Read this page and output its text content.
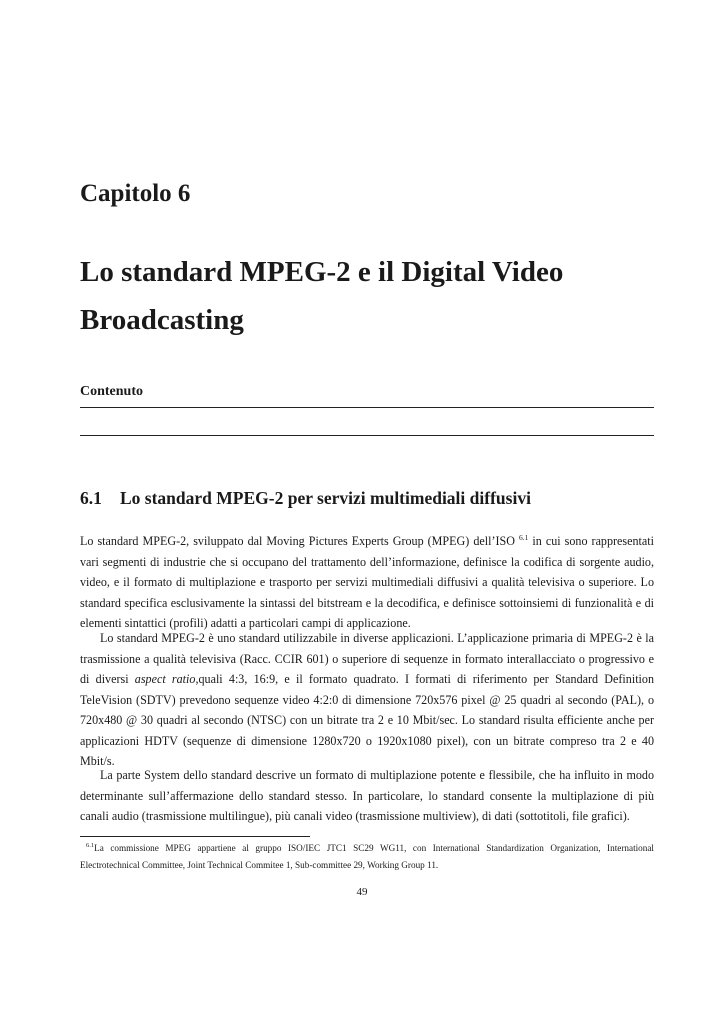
Capitolo 6
Lo standard MPEG-2 e il Digital Video Broadcasting
Contenuto
6.1 Lo standard MPEG-2 per servizi multimediali diffusivi

Lo standard MPEG-2, sviluppato dal Moving Pictures Experts Group (MPEG) dell’ISO $^{6.1}$ in cui sono rappresentati vari segmenti di industrie che si occupano del trattamento dell’informazione, definisce la codifica di sorgente audio, video, e il formato di multiplazione e trasporto per servizi multimediali diffusivi a qualità televisiva o superiore. Lo standard specifica esclusivamente la sintassi del bitstream e la decodifica, e definisce sottoinsiemi di funzionalità e di elementi sintattici (profili) adatti a particolari campi di applicazione.

Lo standard MPEG-2 è uno standard utilizzabile in diverse applicazioni. L’applicazione primaria di MPEG-2 è la trasmissione a qualità televisiva (Racc. CCIR 601) o superiore di sequenze in formato interallacciato o progressivo e di diversi aspect ratio,quali 4:3, 16:9, e il formato quadrato. I formati di riferimento per Standard Definition TeleVision (SDTV) prevedono sequenze video 4:2:0 di dimensione 720x576 pixel @ 25 quadri al secondo (PAL), o 720x480 @ 30 quadri al secondo (NTSC) con un bitrate tra 2 e 10 Mbit/sec. Lo standard risulta efficiente anche per applicazioni HDTV (sequenze di dimensione 1280x720 o 1920x1080 pixel), con un bitrate compreso tra 2 e 40 Mbit/s.

La parte System dello standard descrive un formato di multiplazione potente e flessibile, che ha influito in modo determinante sull’affermazione dello standard stesso. In particolare, lo standard consente la multiplazione di più canali audio (trasmissione multilingue), più canali video (trasmissione multiview), di dati (sottotitoli, file grafici).

$^{6.1}$La commissione MPEG appartiene al gruppo ISO/IEC JTC1 SC29 WG11, con International Standardization Organization, International Electrotechnical Committee, Joint Technical Commitee 1, Sub-committee 29, Working Group 11.

49
